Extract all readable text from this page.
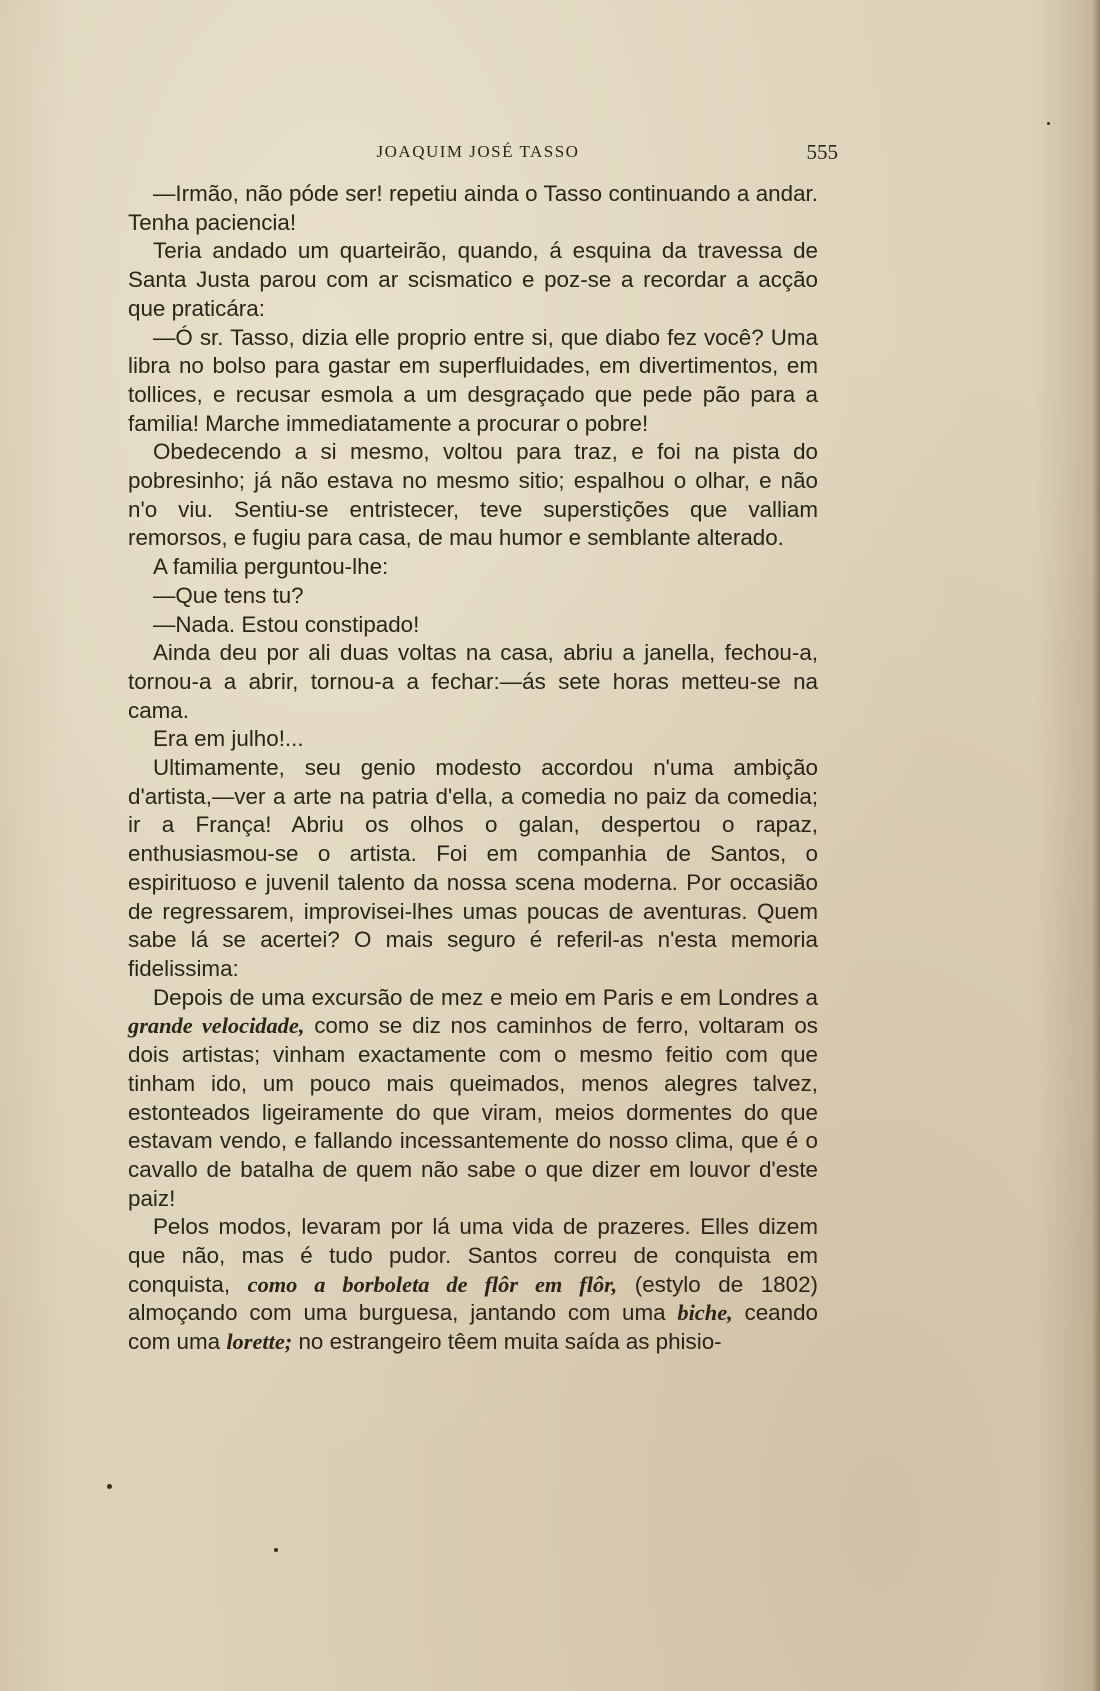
JOAQUIM JOSÉ TASSO	555

—Irmão, não póde ser! repetiu ainda o Tasso continuando a andar. Tenha paciencia!

Teria andado um quarteirão, quando, á esquina da travessa de Santa Justa parou com ar scismatico e poz-se a recordar a acção que praticára:

—Ó sr. Tasso, dizia elle proprio entre si, que diabo fez você? Uma libra no bolso para gastar em superfluidades, em divertimentos, em tollices, e recusar esmola a um desgraçado que pede pão para a familia! Marche immediatamente a procurar o pobre!

Obedecendo a si mesmo, voltou para traz, e foi na pista do pobresinho; já não estava no mesmo sitio; espalhou o olhar, e não n'o viu. Sentiu-se entristecer, teve superstições que valliam remorsos, e fugiu para casa, de mau humor e semblante alterado.

A familia perguntou-lhe:

—Que tens tu?

—Nada. Estou constipado!

Ainda deu por ali duas voltas na casa, abriu a janella, fechou-a, tornou-a a abrir, tornou-a a fechar:—ás sete horas metteu-se na cama.

Era em julho!...

Ultimamente, seu genio modesto accordou n'uma ambição d'artista,—ver a arte na patria d'ella, a comedia no paiz da comedia; ir a França! Abriu os olhos o galan, despertou o rapaz, enthusiasmou-se o artista. Foi em companhia de Santos, o espirituoso e juvenil talento da nossa scena moderna. Por occasião de regressarem, improvisei-lhes umas poucas de aventuras. Quem sabe lá se acertei? O mais seguro é referil-as n'esta memoria fidelissima:

Depois de uma excursão de mez e meio em Paris e em Londres a grande velocidade, como se diz nos caminhos de ferro, voltaram os dois artistas; vinham exactamente com o mesmo feitio com que tinham ido, um pouco mais queimados, menos alegres talvez, estonteados ligeiramente do que viram, meios dormentes do que estavam vendo, e fallando incessantemente do nosso clima, que é o cavallo de batalha de quem não sabe o que dizer em louvor d'este paiz!

Pelos modos, levaram por lá uma vida de prazeres. Elles dizem que não, mas é tudo pudor. Santos correu de conquista em conquista, como a borboleta de flôr em flôr, (estylo de 1802) almoçando com uma burguesa, jantando com uma biche, ceando com uma lorette; no estrangeiro têem muita saída as phisio-
